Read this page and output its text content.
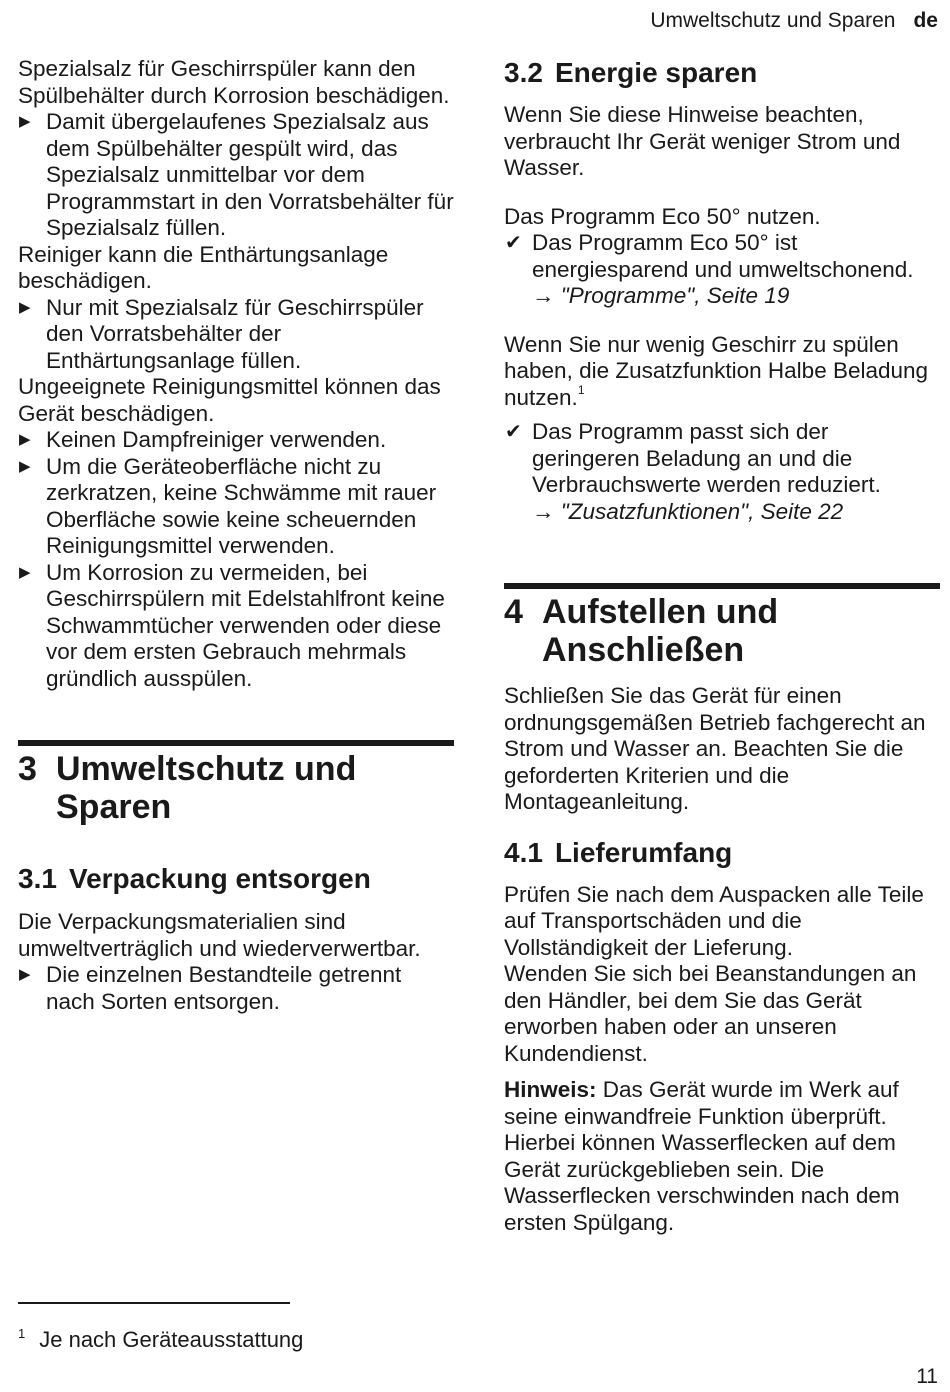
Umweltschutz und Sparen de

Spezialsalz für Geschirrspüler kann den Spülbehälter durch Korrosion beschädigen.

▶ Damit übergelaufenes Spezialsalz aus dem Spülbehälter gespült wird, das Spezialsalz unmittelbar vor dem Programmstart in den Vorratsbehälter für Spezialsalz füllen.

Reiniger kann die Enthärtungsanlage beschädigen.

▶ Nur mit Spezialsalz für Geschirrspüler den Vorratsbehälter der Enthärtungsanlage füllen.

Ungeeignete Reinigungsmittel können das Gerät beschädigen.

▶ Keinen Dampfreiniger verwenden.
▶ Um die Geräteoberfläche nicht zu zerkratzen, keine Schwämme mit rauer Oberfläche sowie keine scheuernden Reinigungsmittel verwenden.
▶ Um Korrosion zu vermeiden, bei Geschirrspülern mit Edelstahlfront keine Schwammtücher verwenden oder diese vor dem ersten Gebrauch mehrmals gründlich ausspülen.
3 Umweltschutz und Sparen
3.1 Verpackung entsorgen

Die Verpackungsmaterialien sind umweltverträglich und wiederverwertbar.

▶ Die einzelnen Bestandteile getrennt nach Sorten entsorgen.
3.2 Energie sparen

Wenn Sie diese Hinweise beachten, verbraucht Ihr Gerät weniger Strom und Wasser.

Das Programm Eco 50° nutzen.

✔ Das Programm Eco 50° ist energiesparend und umweltschonend.
→ "Programme", Seite 19

Wenn Sie nur wenig Geschirr zu spülen haben, die Zusatzfunktion Halbe Beladung nutzen.$^1$

✔ Das Programm passt sich der geringeren Beladung an und die Verbrauchswerte werden reduziert.
→ "Zusatzfunktionen", Seite 22
4 Aufstellen und Anschließen

Schließen Sie das Gerät für einen ordnungsgemäßen Betrieb fachgerecht an Strom und Wasser an. Beachten Sie die geforderten Kriterien und die Montageanleitung.

4.1 Lieferumfang

Prüfen Sie nach dem Auspacken alle Teile auf Transportschäden und die Vollständigkeit der Lieferung.

Wenden Sie sich bei Beanstandungen an den Händler, bei dem Sie das Gerät erworben haben oder an unseren Kundendienst.

Hinweis: Das Gerät wurde im Werk auf seine einwandfreie Funktion überprüft. Hierbei können Wasserflecken auf dem Gerät zurückgeblieben sein. Die Wasserflecken verschwinden nach dem ersten Spülgang.

$^1$ Je nach Geräteausstattung
11
